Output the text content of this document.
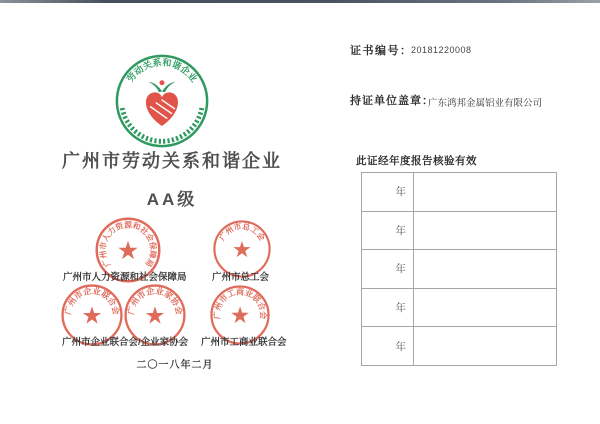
劳动关系和谐企业
广州市劳动关系和谐企业
AA级
★
广州市人力资源和社会保障局
★
广州市总工会
★
广州市企业联合会 ★
广州市企业家协会 ★
广州市工商业联合会
广州市人力资源和社会保障局	广州市总工会
广州市企业联合会/企业家协会 广州市工商业联合会
二〇一八年二月
证书编号：
20181220008
持证单位盖章：
广东鸿邦金属铝业有限公司
此证经年度报告核验有效
年
年
年
年
年
